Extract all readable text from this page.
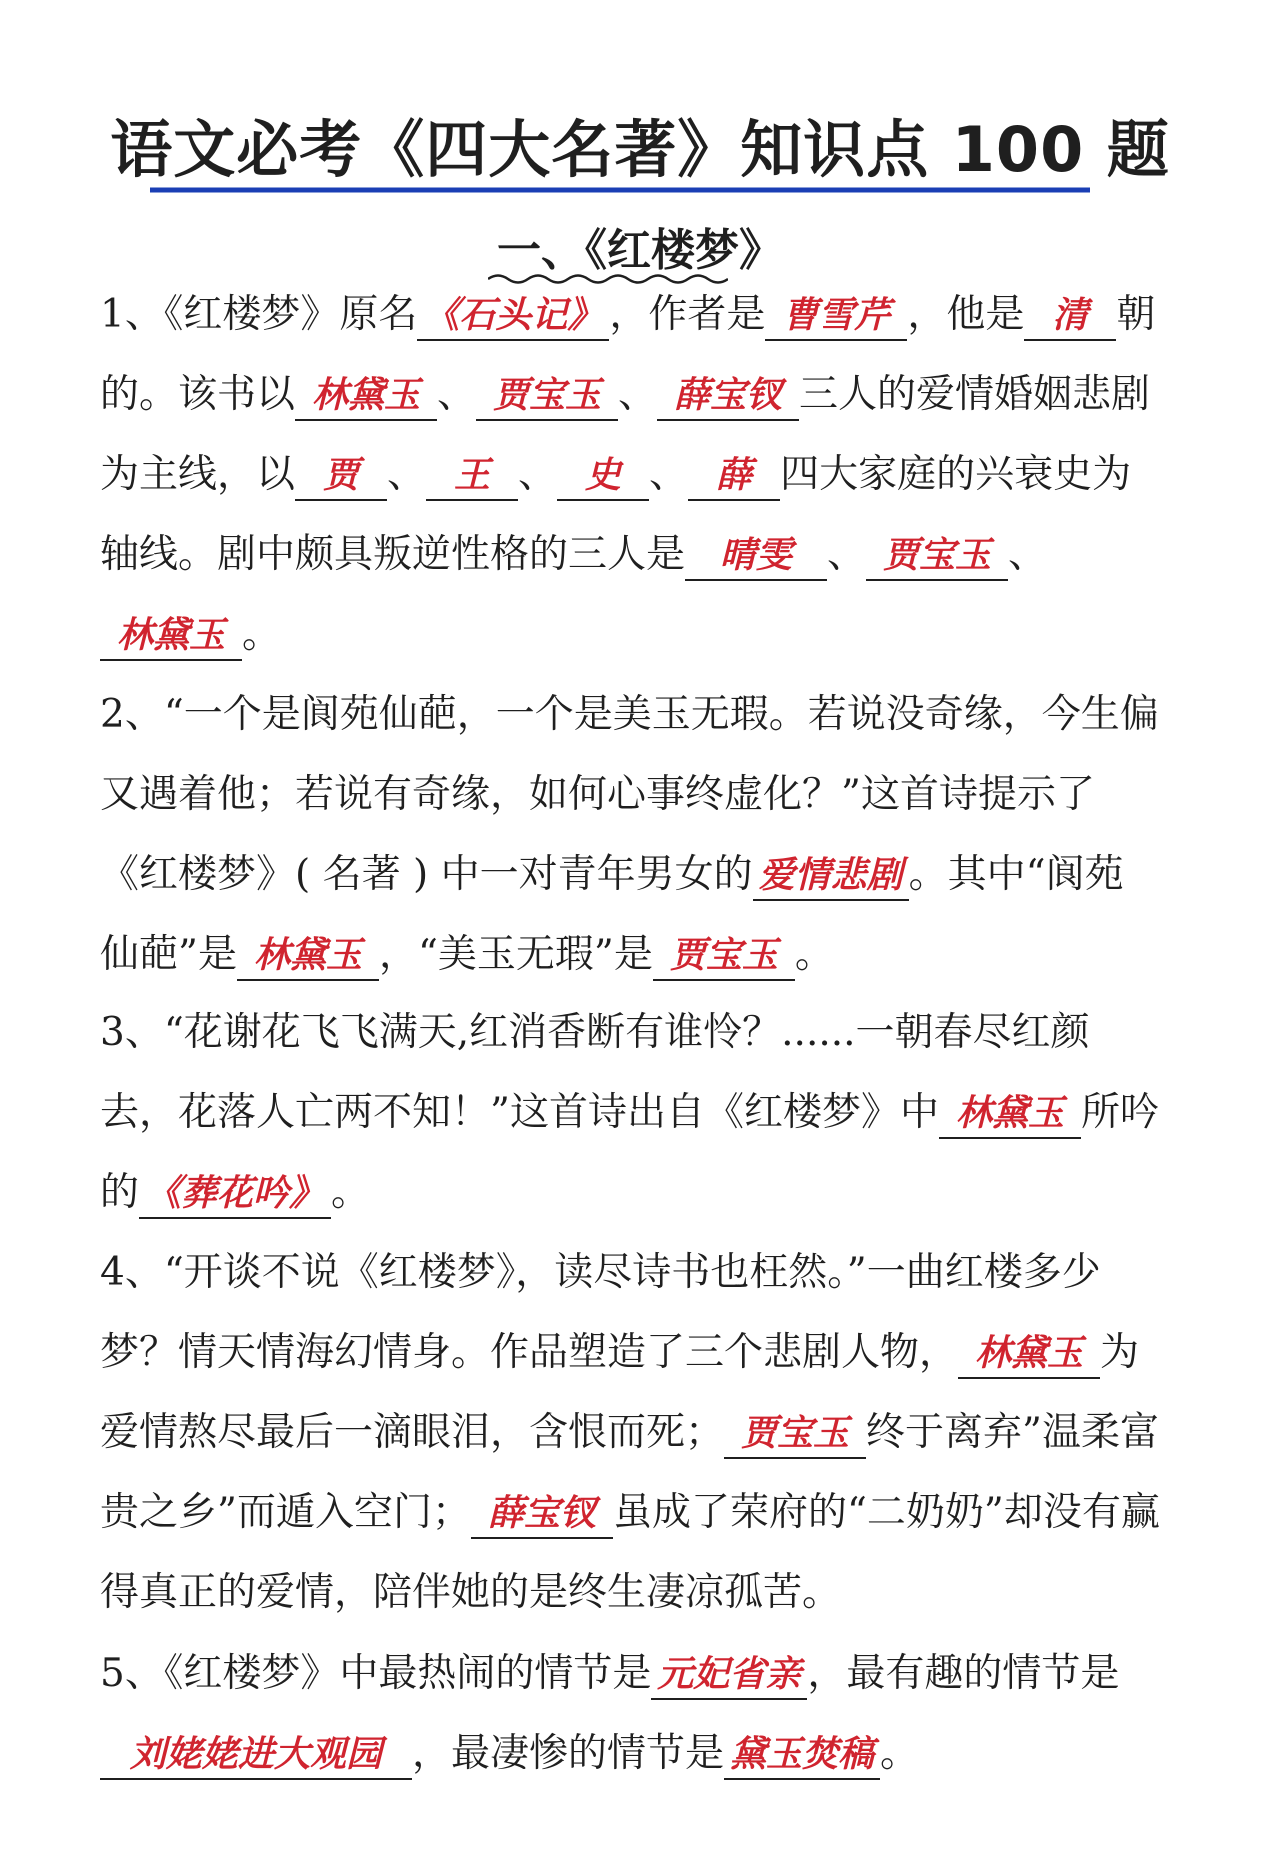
语文必考《四大名著》知识点 100 题
一、《红楼梦》
1、《红楼梦》原名 《石头记》 ，作者是 曹雪芹 ，他是 清 朝的。该书以 林黛玉 、 贾宝玉 、 薛宝钗 三人的爱情婚姻悲剧为主线，以 贾 、 王 、 史 、 薛 四大家庭的兴衰史为轴线。剧中颇具叛逆性格的三人是 晴雯 、 贾宝玉 、林黛玉 。
2、“一个是阆苑仙葩，一个是美玉无瑕。若说没奇缘，今生偏又遇着他；若说有奇缘，如何心事终虚化？”这首诗提示了《红楼梦》( 名著 ) 中一对青年男女的 爱情悲剧 。其中“阆苑仙葩”是 林黛玉 ，“美玉无瑕”是 贾宝玉 。
3、“花谢花飞飞满天,红消香断有谁怜？......一朝春尽红颜去，花落人亡两不知！”这首诗出自《红楼梦》中 林黛玉 所吟的 《葬花吟》 。
4、“开谈不说《红楼梦》，读尽诗书也枉然。”一曲红楼多少梦？情天情海幻情身。作品塑造了三个悲剧人物， 林黛玉 为爱情熬尽最后一滴眼泪，含恨而死； 贾宝玉 终于离弃”温柔富贵之乡”而遁入空门； 薛宝钗 虽成了荣府的“二奶奶”却没有赢得真正的爱情，陪伴她的是终生凄凉孤苦。
5、《红楼梦》中最热闹的情节是 元妃省亲 ，最有趣的情节是刘姥姥进大观园 ，最凄惨的情节是 黛玉焚稿 。
